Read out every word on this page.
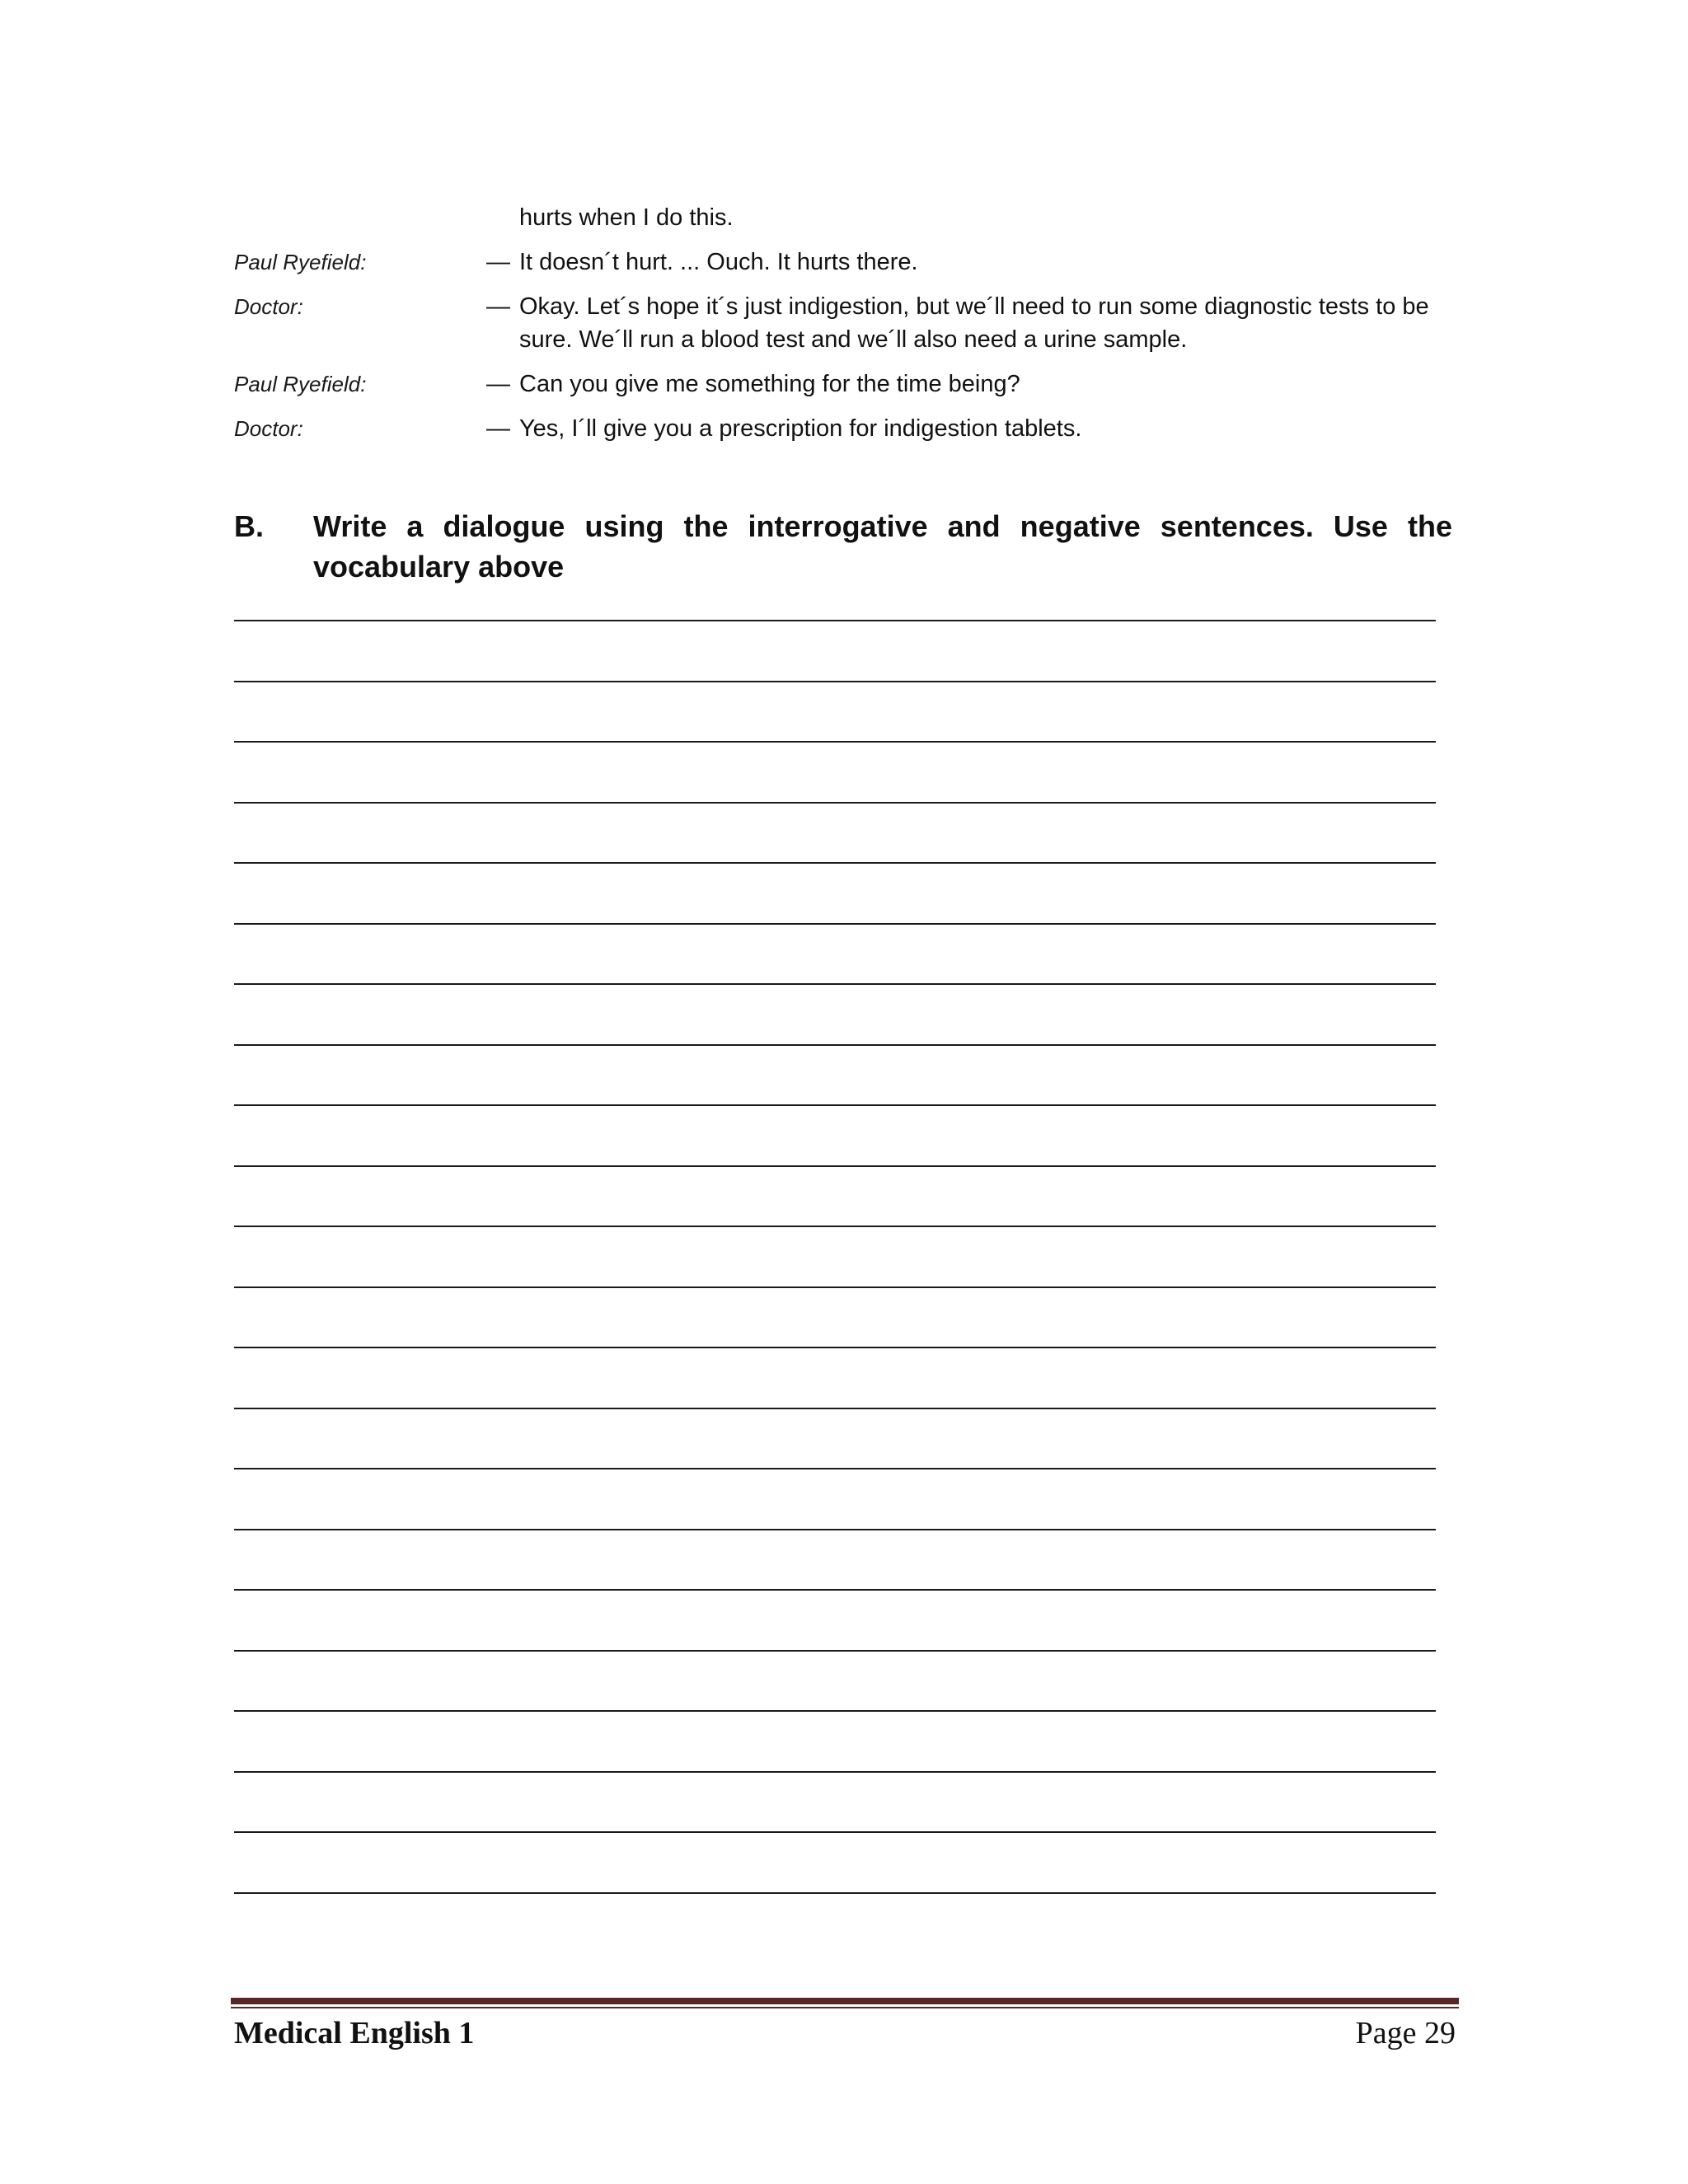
hurts when I do this.
Paul Ryefield:	— It doesn´t hurt. ... Ouch. It hurts there.
Doctor:	— Okay. Let´s hope it´s just indigestion, but we´ll need to run some diagnostic tests to be sure. We´ll run a blood test and we´ll also need a urine sample.
Paul Ryefield:	— Can you give me something for the time being?
Doctor:	— Yes, I´ll give you a prescription for indigestion tablets.
B.	Write a dialogue using the interrogative and negative sentences. Use the vocabulary above
Medical English 1	Page 29
